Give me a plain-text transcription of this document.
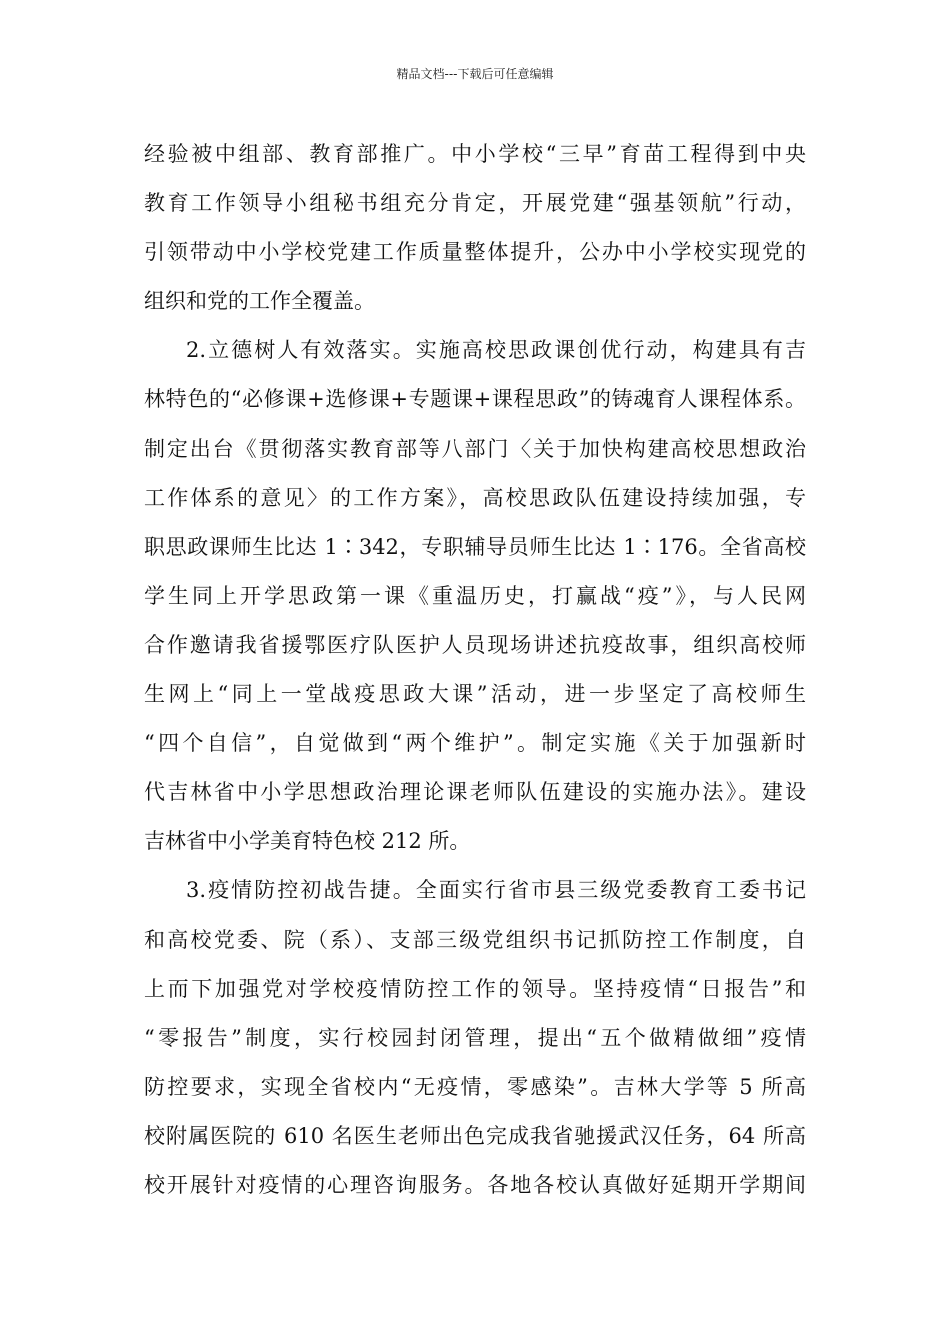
精品文档---下载后可任意编辑
经验被中组部、教育部推广。中小学校“三早”育苗工程得到中央
教育工作领导小组秘书组充分肯定，开展党建“强基领航”行动，
引领带动中小学校党建工作质量整体提升，公办中小学校实现党的
组织和党的工作全覆盖。
2.立德树人有效落实。实施高校思政课创优行动，构建具有吉
林特色的“必修课+选修课+专题课+课程思政”的铸魂育人课程体系。
制定出台《贯彻落实教育部等八部门〈关于加快构建高校思想政治
工作体系的意见〉的工作方案》，高校思政队伍建设持续加强，专
职思政课师生比达 1∶342，专职辅导员师生比达 1∶176。全省高校
学生同上开学思政第一课《重温历史，打赢战“疫”》，与人民网
合作邀请我省援鄂医疗队医护人员现场讲述抗疫故事，组织高校师
生网上“同上一堂战疫思政大课”活动，进一步坚定了高校师生
“四个自信”，自觉做到“两个维护”。制定实施《关于加强新时
代吉林省中小学思想政治理论课老师队伍建设的实施办法》。建设
吉林省中小学美育特色校 212 所。
3.疫情防控初战告捷。全面实行省市县三级党委教育工委书记
和高校党委、院（系）、支部三级党组织书记抓防控工作制度，自
上而下加强党对学校疫情防控工作的领导。坚持疫情“日报告”和
“零报告”制度，实行校园封闭管理，提出“五个做精做细”疫情
防控要求，实现全省校内“无疫情，零感染”。吉林大学等 5 所高
校附属医院的 610 名医生老师出色完成我省驰援武汉任务，64 所高
校开展针对疫情的心理咨询服务。各地各校认真做好延期开学期间
